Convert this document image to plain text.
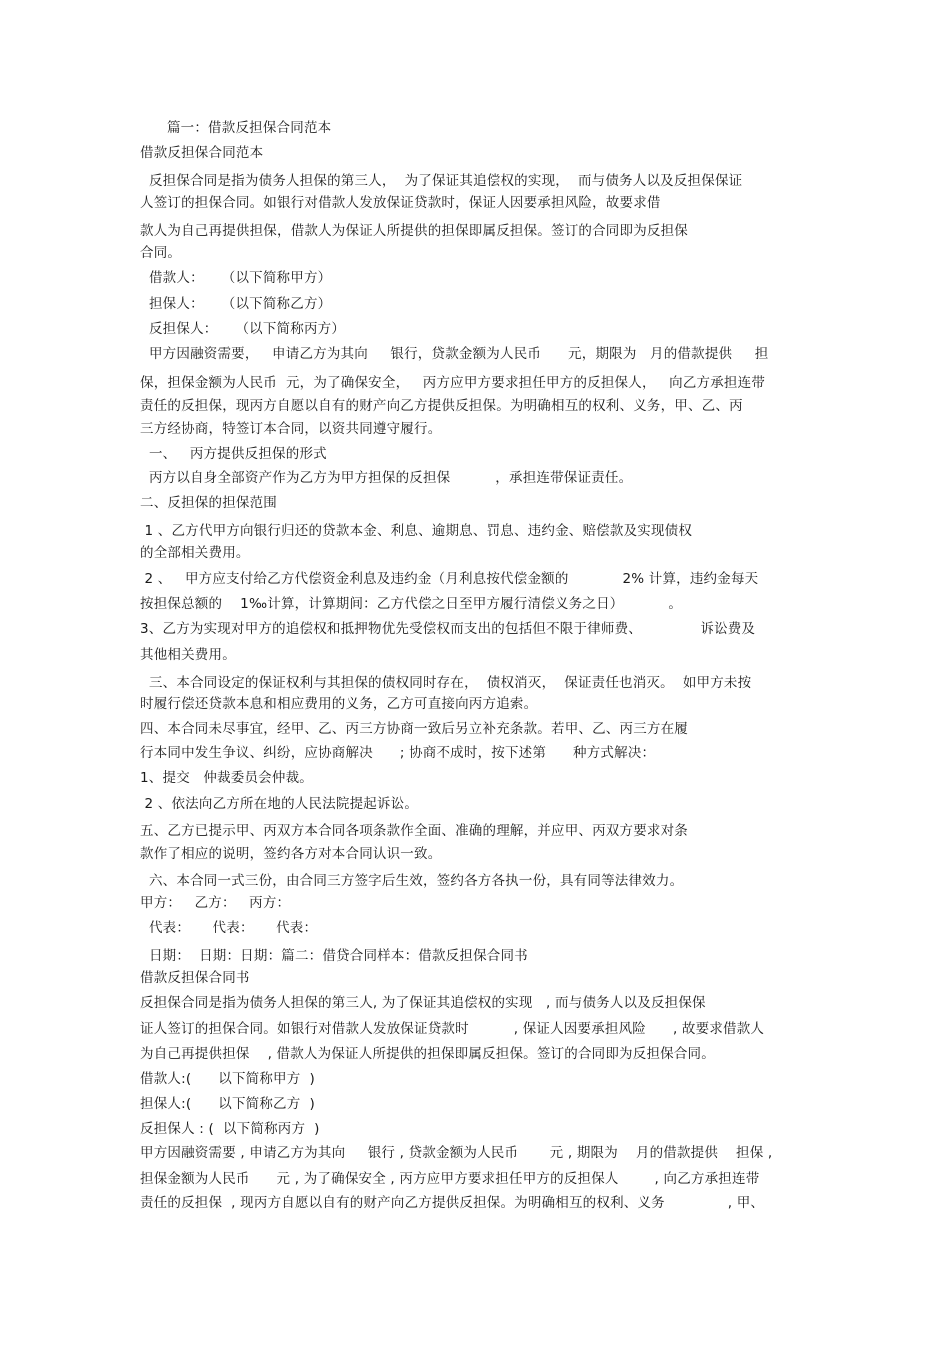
篇一：借款反担保合同范本
借款反担保合同范本
反担保合同是指为债务人担保的第三人，  为了保证其追偿权的实现，  而与债务人以及反担保保证
人签订的担保合同。如银行对借款人发放保证贷款时，保证人因要承担风险，故要求借
款人为自己再提供担保，借款人为保证人所提供的担保即属反担保。签订的合同即为反担保
合同。
借款人：    （以下简称甲方）
担保人：    （以下简称乙方）
反担保人：    （以下简称丙方）
甲方因融资需要，   申请乙方为其向     银行，贷款金额为人民币      元，期限为   月的借款提供     担
保，担保金额为人民币  元，为了确保安全，   丙方应甲方要求担任甲方的反担保人，   向乙方承担连带
责任的反担保，现丙方自愿以自有的财产向乙方提供反担保。为明确相互的权利、义务，甲、乙、丙
三方经协商，特签订本合同，以资共同遵守履行。
一、   丙方提供反担保的形式
丙方以自身全部资产作为乙方为甲方担保的反担保          ，承担连带保证责任。
二、反担保的担保范围
1 、乙方代甲方向银行归还的贷款本金、利息、逾期息、罚息、违约金、赔偿款及实现债权
的全部相关费用。
2 、   甲方应支付给乙方代偿资金利息及违约金（月利息按代偿金额的            2% 计算，违约金每天
按担保总额的    1‰计算，计算期间：乙方代偿之日至甲方履行清偿义务之日）          。
3、乙方为实现对甲方的追偿权和抵押物优先受偿权而支出的包括但不限于律师费、             诉讼费及
其他相关费用。
三、本合同设定的保证权利与其担保的债权同时存在，  债权消灭，  保证责任也消灭。  如甲方未按
时履行偿还贷款本息和相应费用的义务，乙方可直接向丙方追索。
四、本合同未尽事宜，经甲、乙、丙三方协商一致后另立补充条款。若甲、乙、丙三方在履
行本同中发生争议、纠纷，应协商解决      ; 协商不成时，按下述第      种方式解决：
1、提交   仲裁委员会仲裁。
2 、依法向乙方所在地的人民法院提起诉讼。
五、乙方已提示甲、丙双方本合同各项条款作全面、准确的理解，并应甲、丙双方要求对条
款作了相应的说明，签约各方对本合同认识一致。
六、本合同一式三份，由合同三方签字后生效，签约各方各执一份，具有同等法律效力。
甲方：   乙方：   丙方：
代表：     代表：     代表：
日期：  日期：日期：篇二：借贷合同样本：借款反担保合同书
借款反担保合同书
反担保合同是指为债务人担保的第三人, 为了保证其追偿权的实现   , 而与债务人以及反担保保
证人签订的担保合同。如银行对借款人发放保证贷款时          , 保证人因要承担风险      , 故要求借款人
为自己再提供担保    , 借款人为保证人所提供的担保即属反担保。签订的合同即为反担保合同。
借款人:(      以下简称甲方  )
担保人:(      以下简称乙方  )
反担保人 : (  以下简称丙方  )
甲方因融资需要 , 申请乙方为其向     银行 , 贷款金额为人民币       元 , 期限为    月的借款提供    担保 ,
担保金额为人民币      元 , 为了确保安全 , 丙方应甲方要求担任甲方的反担保人        , 向乙方承担连带
责任的反担保  , 现丙方自愿以自有的财产向乙方提供反担保。为明确相互的权利、义务              , 甲、
